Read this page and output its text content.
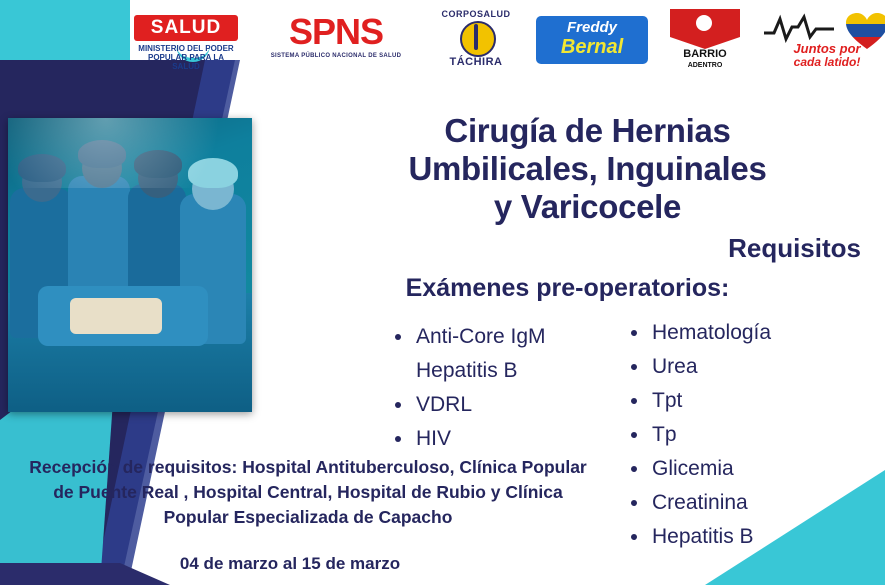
SALUD
MINISTERIO DEL PODER POPULAR PARA LA SALUD
SPNS
SISTEMA PÚBLICO NACIONAL DE SALUD
CORPOSALUD
TÁCHIRA
Freddy
Bernal	BARRIO
ADENTRO
Juntos por
cada latido!
Cirugía de Hernias
Umbilicales, Inguinales
y Varicocele
Requisitos
Exámenes pre-operatorios:
• Anti-Core IgM
Hepatitis B
• VDRL
• HIV
• Hematología
• Urea
• Tpt
• Tp
• Glicemia
• Creatinina
• Hepatitis B
Recepción de requisitos: Hospital Antituberculoso, Clínica Popular de Puente Real , Hospital Central, Hospital de Rubio y Clínica Popular Especializada de Capacho
04 de marzo al 15 de marzo
